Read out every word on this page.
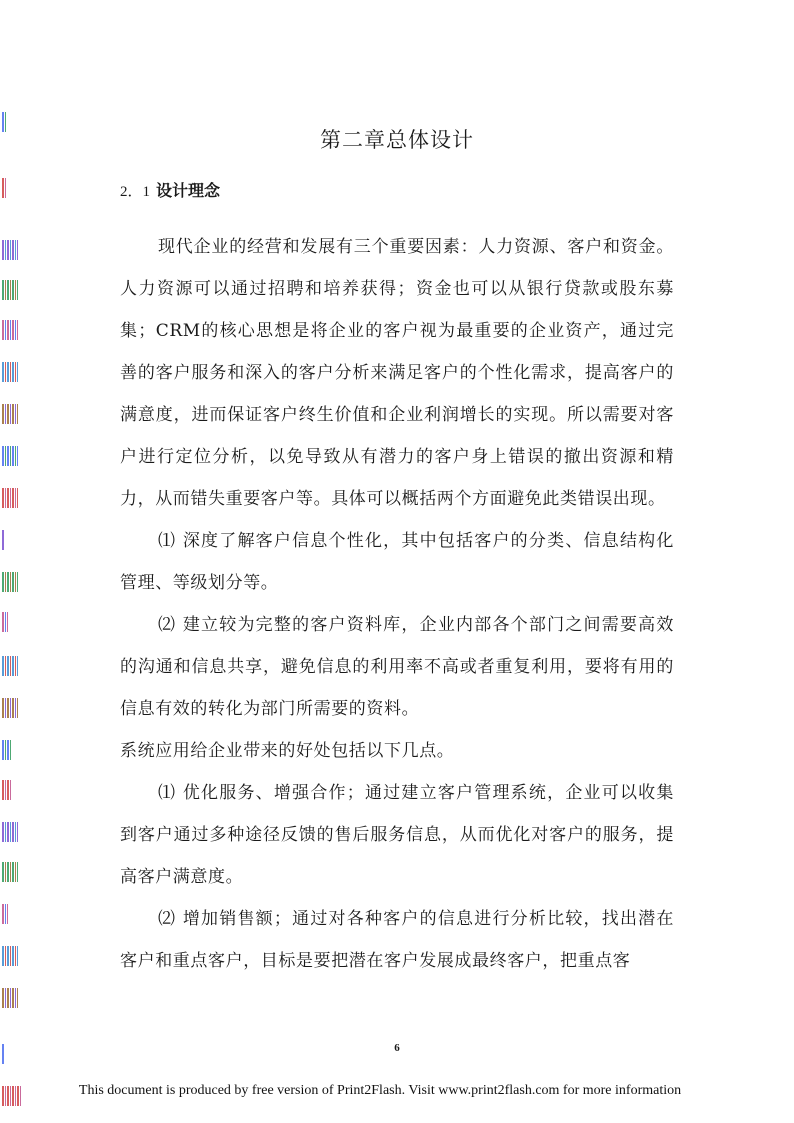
第二章总体设计
2．1 设计理念

现代企业的经营和发展有三个重要因素：人力资源、客户和资金。人力资源可以通过招聘和培养获得；资金也可以从银行贷款或股东募集；CRM的核心思想是将企业的客户视为最重要的企业资产，通过完善的客户服务和深入的客户分析来满足客户的个性化需求，提高客户的满意度，进而保证客户终生价值和企业利润增长的实现。所以需要对客户进行定位分析，以免导致从有潜力的客户身上错误的撤出资源和精力，从而错失重要客户等。具体可以概括两个方面避免此类错误出现。

⑴ 深度了解客户信息个性化，其中包括客户的分类、信息结构化管理、等级划分等。

⑵ 建立较为完整的客户资料库，企业内部各个部门之间需要高效的沟通和信息共享，避免信息的利用率不高或者重复利用，要将有用的信息有效的转化为部门所需要的资料。

系统应用给企业带来的好处包括以下几点。

⑴ 优化服务、增强合作；通过建立客户管理系统，企业可以收集到客户通过多种途径反馈的售后服务信息，从而优化对客户的服务，提高客户满意度。

⑵ 增加销售额；通过对各种客户的信息进行分析比较，找出潜在客户和重点客户，目标是要把潜在客户发展成最终客户，把重点客

6
This document is produced by free version of Print2Flash. Visit www.print2flash.com for more information
